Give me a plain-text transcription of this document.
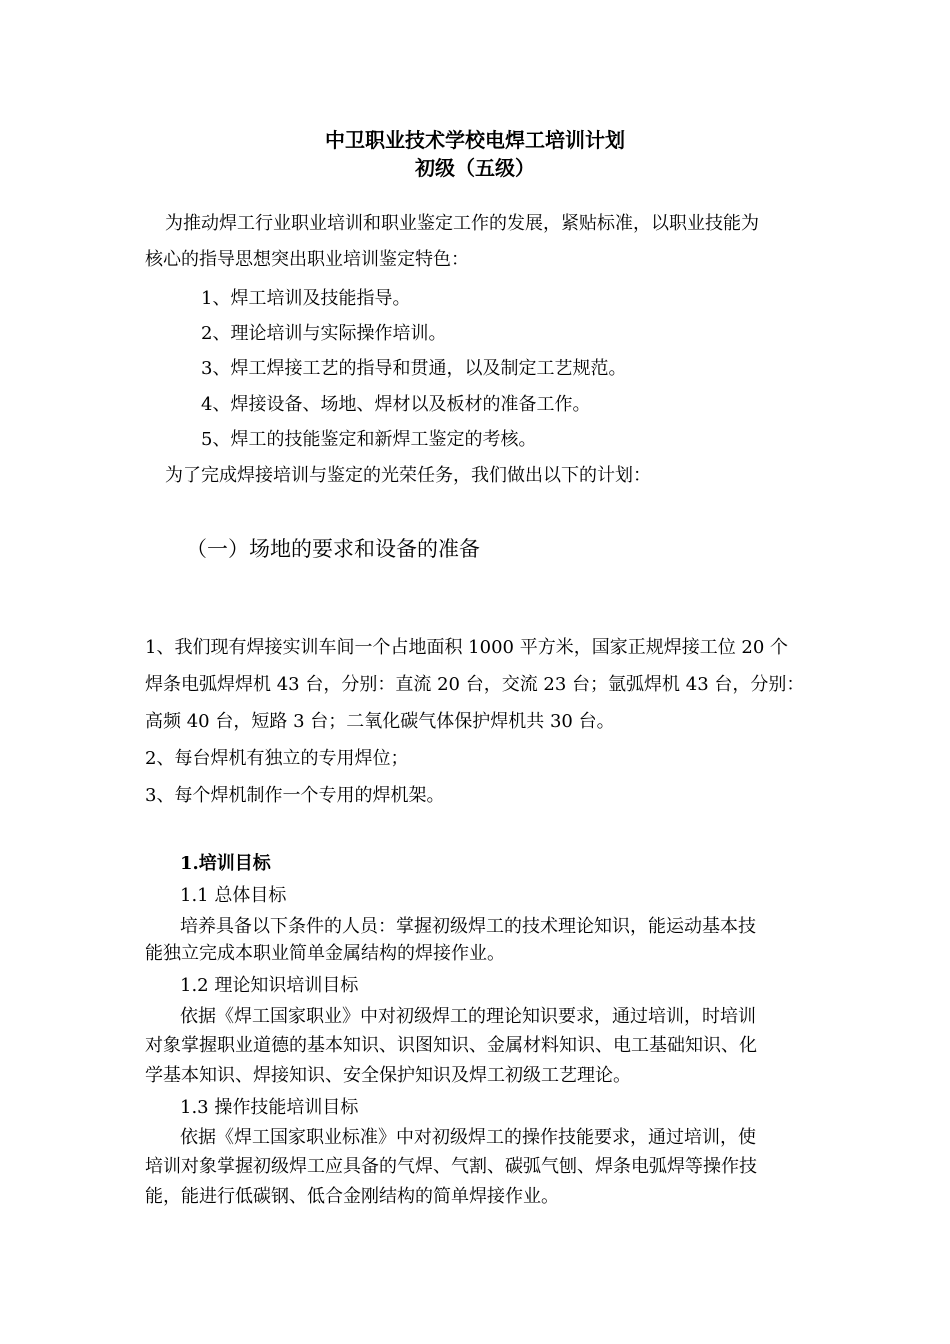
中卫职业技术学校电焊工培训计划
初级（五级）
为推动焊工行业职业培训和职业鉴定工作的发展，紧贴标准，以职业技能为
核心的指导思想突出职业培训鉴定特色：
1、焊工培训及技能指导。
2、理论培训与实际操作培训。
3、焊工焊接工艺的指导和贯通，以及制定工艺规范。
4、焊接设备、场地、焊材以及板材的准备工作。
5、焊工的技能鉴定和新焊工鉴定的考核。
为了完成焊接培训与鉴定的光荣任务，我们做出以下的计划：
（一）场地的要求和设备的准备
1、我们现有焊接实训车间一个占地面积 1000 平方米，国家正规焊接工位 20 个
焊条电弧焊焊机 43 台，分别：直流 20 台，交流 23 台；氩弧焊机 43 台，分别：
高频 40 台，短路 3 台；二氧化碳气体保护焊机共 30 台。
2、每台焊机有独立的专用焊位；
3、每个焊机制作一个专用的焊机架。
1.培训目标
1.1 总体目标
培养具备以下条件的人员：掌握初级焊工的技术理论知识，能运动基本技
能独立完成本职业简单金属结构的焊接作业。
1.2 理论知识培训目标
依据《焊工国家职业》中对初级焊工的理论知识要求，通过培训，时培训
对象掌握职业道德的基本知识、识图知识、金属材料知识、电工基础知识、化
学基本知识、焊接知识、安全保护知识及焊工初级工艺理论。
1.3 操作技能培训目标
依据《焊工国家职业标准》中对初级焊工的操作技能要求，通过培训，使
培训对象掌握初级焊工应具备的气焊、气割、碳弧气刨、焊条电弧焊等操作技
能，能进行低碳钢、低合金刚结构的简单焊接作业。
